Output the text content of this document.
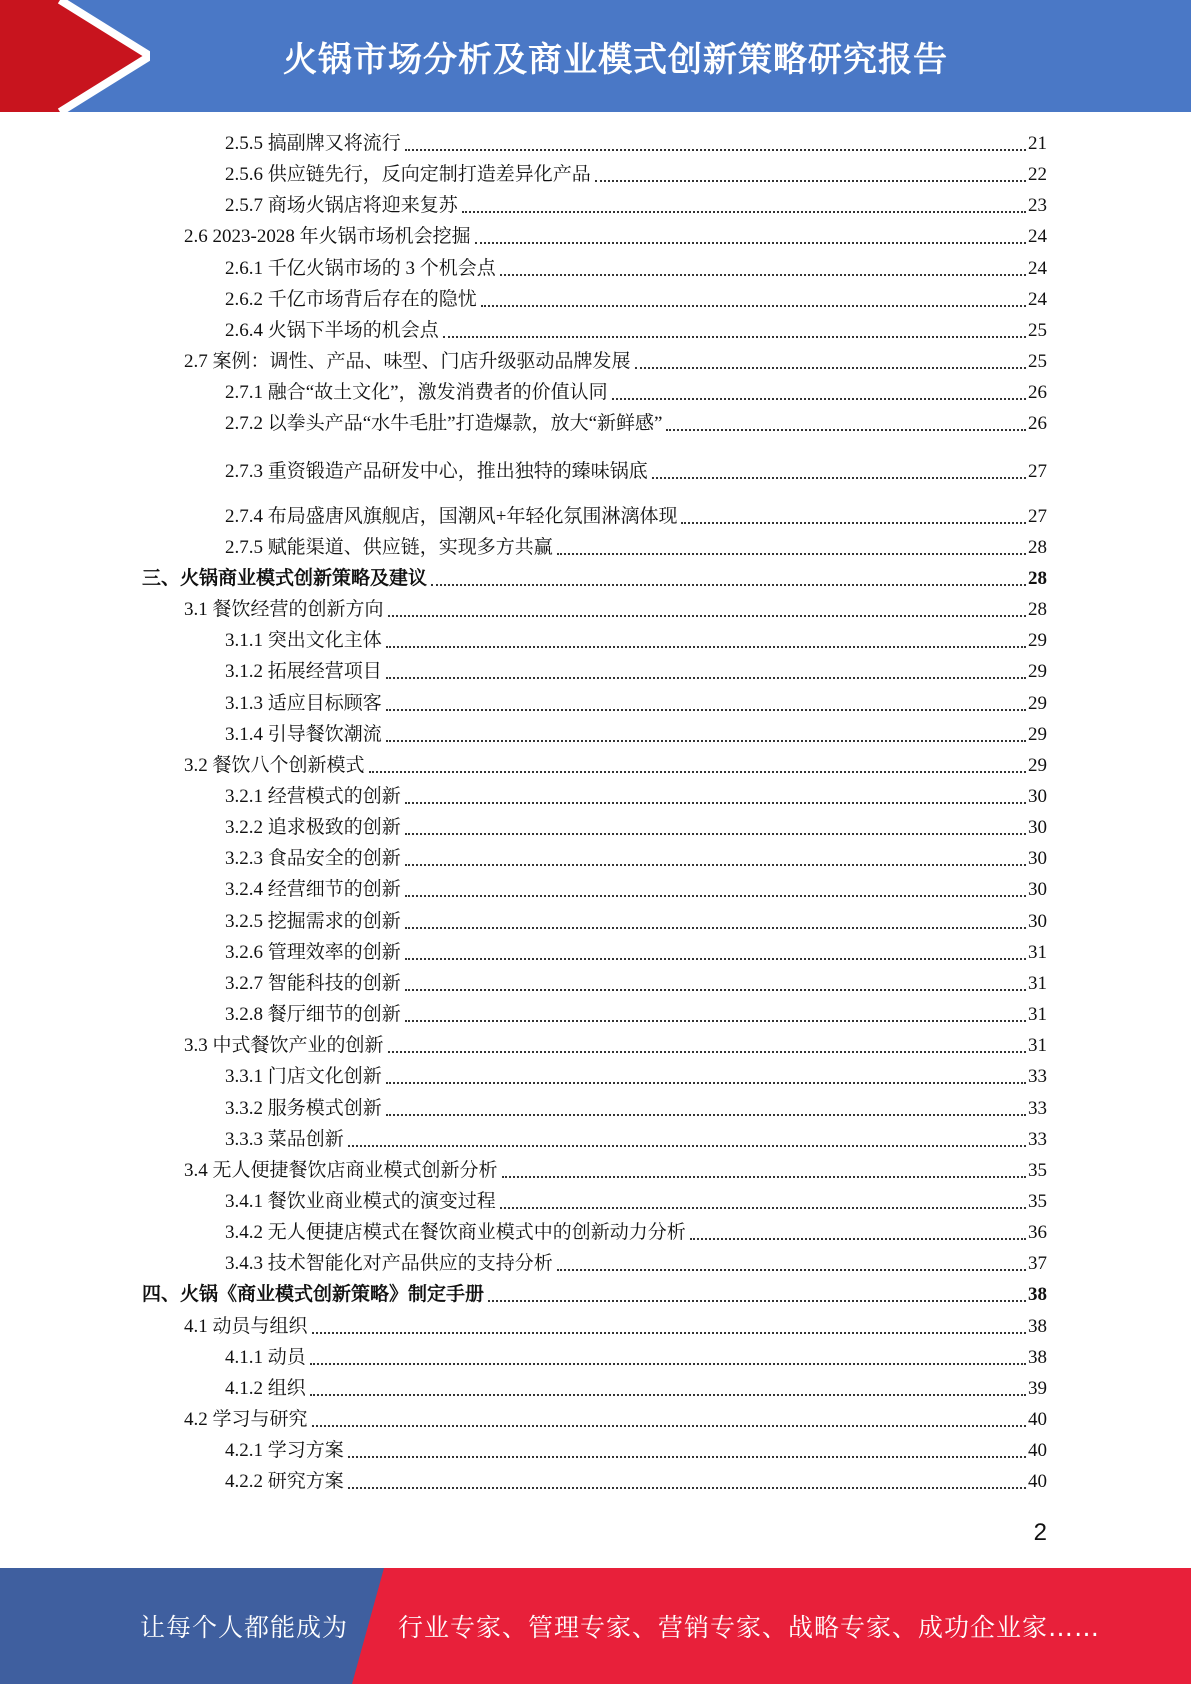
火锅市场分析及商业模式创新策略研究报告
2.5.5 搞副牌又将流行	21
2.5.6 供应链先行，反向定制打造差异化产品	22
2.5.7 商场火锅店将迎来复苏	23
2.6 2023-2028 年火锅市场机会挖掘	24
2.6.1 千亿火锅市场的 3 个机会点	24
2.6.2 千亿市场背后存在的隐忧	24
2.6.4 火锅下半场的机会点	25
2.7 案例：调性、产品、味型、门店升级驱动品牌发展	25
2.7.1 融合“故土文化”，激发消费者的价值认同	26
2.7.2 以拳头产品“水牛毛肚”打造爆款，放大“新鲜感”	26
2.7.3 重资锻造产品研发中心，推出独特的臻味锅底	27
2.7.4 布局盛唐风旗舰店，国潮风+年轻化氛围淋漓体现	27
2.7.5 赋能渠道、供应链，实现多方共赢	28
三、火锅商业模式创新策略及建议	28
3.1 餐饮经营的创新方向	28
3.1.1 突出文化主体	29
3.1.2 拓展经营项目	29
3.1.3 适应目标顾客	29
3.1.4 引导餐饮潮流	29
3.2 餐饮八个创新模式	29
3.2.1 经营模式的创新	30
3.2.2 追求极致的创新	30
3.2.3 食品安全的创新	30
3.2.4 经营细节的创新	30
3.2.5 挖掘需求的创新	30
3.2.6 管理效率的创新	31
3.2.7 智能科技的创新	31
3.2.8 餐厅细节的创新	31
3.3 中式餐饮产业的创新	31
3.3.1 门店文化创新	33
3.3.2 服务模式创新	33
3.3.3 菜品创新	33
3.4 无人便捷餐饮店商业模式创新分析	35
3.4.1 餐饮业商业模式的演变过程	35
3.4.2 无人便捷店模式在餐饮商业模式中的创新动力分析	36
3.4.3 技术智能化对产品供应的支持分析	37
四、火锅《商业模式创新策略》制定手册	38
4.1 动员与组织	38
4.1.1 动员	38
4.1.2 组织	39
4.2 学习与研究	40
4.2.1 学习方案	40
4.2.2 研究方案	40
2
让每个人都能成为 行业专家、管理专家、营销专家、战略专家、成功企业家……
